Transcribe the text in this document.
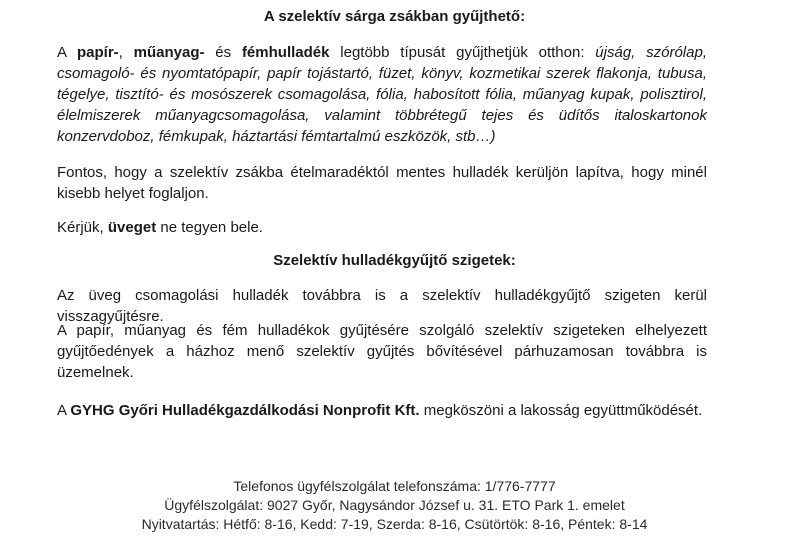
A szelektív sárga zsákban gyűjthető:
A papír-, műanyag- és fémhulladék legtöbb típusát gyűjthetjük otthon: újság, szórólap, csomagoló- és nyomtatópapír, papír tojástartó, füzet, könyv, kozmetikai szerek flakonja, tubusa, tégelye, tisztító- és mosószerek csomagolása, fólia, habosított fólia, műanyag kupak, polisztirol, élelmiszerek műanyagcsomagolása, valamint többrétegű tejes és üdítős italoskartonok konzervdoboz, fémkupak, háztartási fémtartalmú eszközök, stb…)
Fontos, hogy a szelektív zsákba ételmaradéktól mentes hulladék kerüljön lapítva, hogy minél kisebb helyet foglaljon.
Kérjük, üveget ne tegyen bele.
Szelektív hulladékgyűjtő szigetek:
Az üveg csomagolási hulladék továbbra is a szelektív hulladékgyűjtő szigeten kerül visszagyűjtésre.
A papír, műanyag és fém hulladékok gyűjtésére szolgáló szelektív szigeteken elhelyezett gyűjtőedények a házhoz menő szelektív gyűjtés bővítésével párhuzamosan továbbra is üzemelnek.
A GYHG Győri Hulladékgazdálkodási Nonprofit Kft. megköszöni a lakosság együttműködését.
Telefonos ügyfélszolgálat telefonszáma: 1/776-7777
Ügyfélszolgálat: 9027 Győr, Nagysándor József u. 31. ETO Park 1. emelet
Nyitvatartás: Hétfő: 8-16, Kedd: 7-19, Szerda: 8-16, Csütörtök: 8-16, Péntek: 8-14
